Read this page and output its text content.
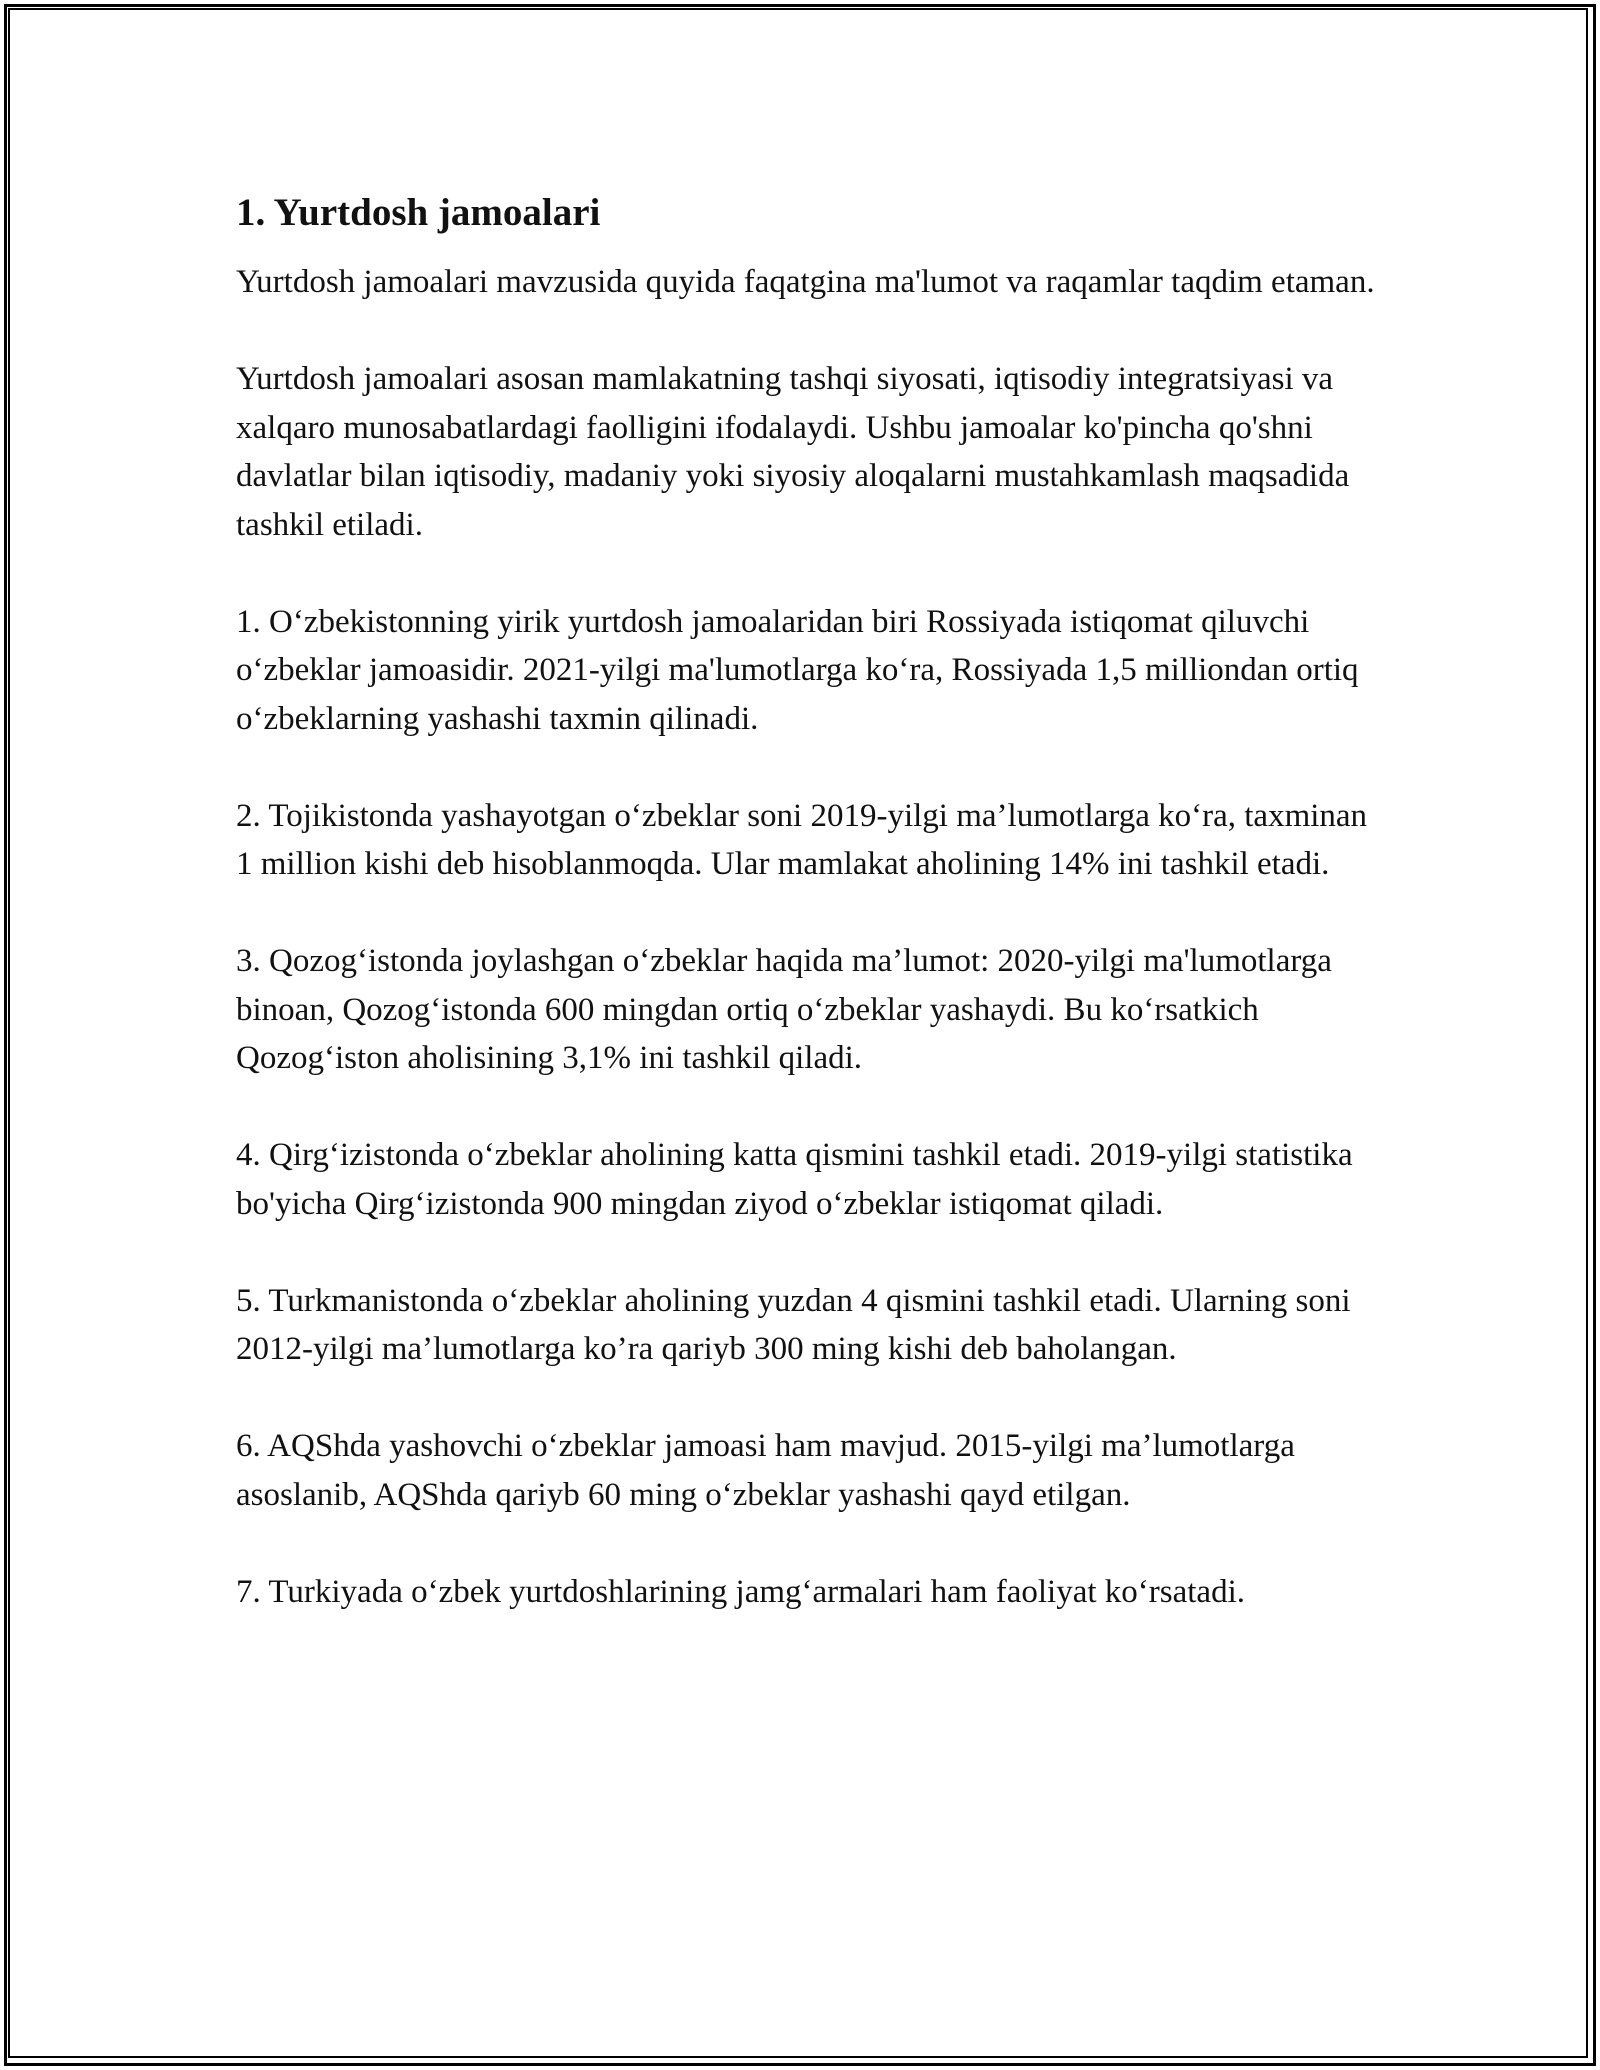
1. Yurtdosh jamoalari

Yurtdosh jamoalari mavzusida quyida faqatgina ma'lumot va raqamlar taqdim etaman.

Yurtdosh jamoalari asosan mamlakatning tashqi siyosati, iqtisodiy integratsiyasi va xalqaro munosabatlardagi faolligini ifodalaydi. Ushbu jamoalar ko'pincha qo'shni davlatlar bilan iqtisodiy, madaniy yoki siyosiy aloqalarni mustahkamlash maqsadida tashkil etiladi.

1. O‘zbekistonning yirik yurtdosh jamoalaridan biri Rossiyada istiqomat qiluvchi o‘zbeklar jamoasidir. 2021-yilgi ma'lumotlarga ko‘ra, Rossiyada 1,5 milliondan ortiq o‘zbeklarning yashashi taxmin qilinadi.

2. Tojikistonda yashayotgan o‘zbeklar soni 2019-yilgi ma’lumotlarga ko‘ra, taxminan 1 million kishi deb hisoblanmoqda. Ular mamlakat aholining 14% ini tashkil etadi.

3. Qozog‘istonda joylashgan o‘zbeklar haqida ma’lumot: 2020-yilgi ma'lumotlarga binoan, Qozog‘istonda 600 mingdan ortiq o‘zbeklar yashaydi. Bu ko‘rsatkich Qozog‘iston aholisining 3,1% ini tashkil qiladi.

4. Qirg‘izistonda o‘zbeklar aholining katta qismini tashkil etadi. 2019-yilgi statistika bo'yicha Qirg‘izistonda 900 mingdan ziyod o‘zbeklar istiqomat qiladi.

5. Turkmanistonda o‘zbeklar aholining yuzdan 4 qismini tashkil etadi. Ularning soni 2012-yilgi ma’lumotlarga ko’ra qariyb 300 ming kishi deb baholangan.

6. AQShda yashovchi o‘zbeklar jamoasi ham mavjud. 2015-yilgi ma’lumotlarga asoslanib, AQShda qariyb 60 ming o‘zbeklar yashashi qayd etilgan.

7. Turkiyada o‘zbek yurtdoshlarining jamg‘armalari ham faoliyat ko‘rsatadi.
